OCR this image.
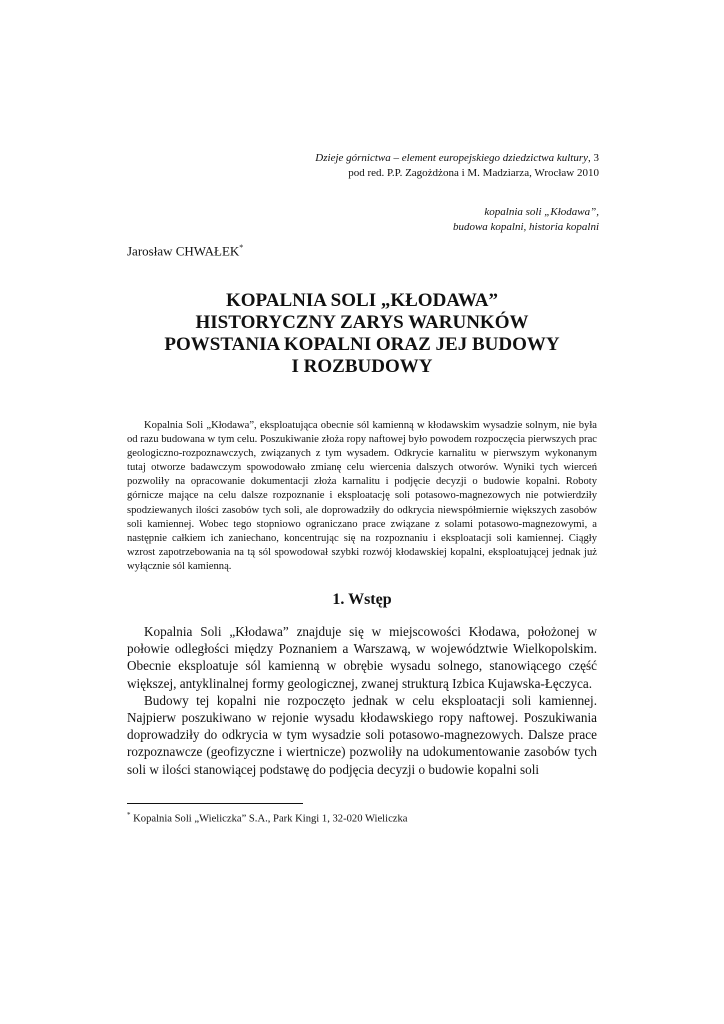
Dzieje górnictwa – element europejskiego dziedzictwa kultury, 3
pod red. P.P. Zagożdżona i M. Madziarza, Wrocław 2010
kopalnia soli „Kłodawa”,
budowa kopalni, historia kopalni
Jarosław CHWAŁEK*
KOPALNIA SOLI „KŁODAWA”
HISTORYCZNY ZARYS WARUNKÓW
POWSTANIA KOPALNI ORAZ JEJ BUDOWY
I ROZBUDOWY

Kopalnia Soli „Kłodawa”, eksploatująca obecnie sól kamienną w kłodawskim wysadzie solnym, nie była od razu budowana w tym celu. Poszukiwanie złoża ropy naftowej było powodem rozpoczęcia pierwszych prac geologiczno-rozpoznawczych, związanych z tym wysadem. Odkrycie karnalitu w pierwszym wykonanym tutaj otworze badawczym spowodowało zmianę celu wiercenia dalszych otworów. Wyniki tych wierceń pozwoliły na opracowanie dokumentacji złoża karnalitu i podjęcie decyzji o budowie kopalni. Roboty górnicze mające na celu dalsze rozpoznanie i eksploatację soli potasowo-magnezowych nie potwierdziły spodziewanych ilości zasobów tych soli, ale doprowadziły do odkrycia niewspółmiernie większych zasobów soli kamiennej. Wobec tego stopniowo ograniczano prace związane z solami potasowo-magnezowymi, a następnie całkiem ich zaniechano, koncentrując się na rozpoznaniu i eksploatacji soli kamiennej. Ciągły wzrost zapotrzebowania na tą sól spowodował szybki rozwój kłodawskiej kopalni, eksploatującej jednak już wyłącznie sól kamienną.

1. Wstęp

Kopalnia Soli „Kłodawa” znajduje się w miejscowości Kłodawa, położonej w połowie odległości między Poznaniem a Warszawą, w województwie Wielkopolskim. Obecnie eksploatuje sól kamienną w obrębie wysadu solnego, stanowiącego część większej, antyklinalnej formy geologicznej, zwanej strukturą Izbica Kujawska-Łęczyca.

Budowy tej kopalni nie rozpoczęto jednak w celu eksploatacji soli kamiennej. Najpierw poszukiwano w rejonie wysadu kłodawskiego ropy naftowej. Poszukiwania doprowadziły do odkrycia w tym wysadzie soli potasowo-magnezowych. Dalsze prace rozpoznawcze (geofizyczne i wiertnicze) pozwoliły na udokumentowanie zasobów tych soli w ilości stanowiącej podstawę do podjęcia decyzji o budowie kopalni soli

* Kopalnia Soli „Wieliczka” S.A., Park Kingi 1, 32-020 Wieliczka
